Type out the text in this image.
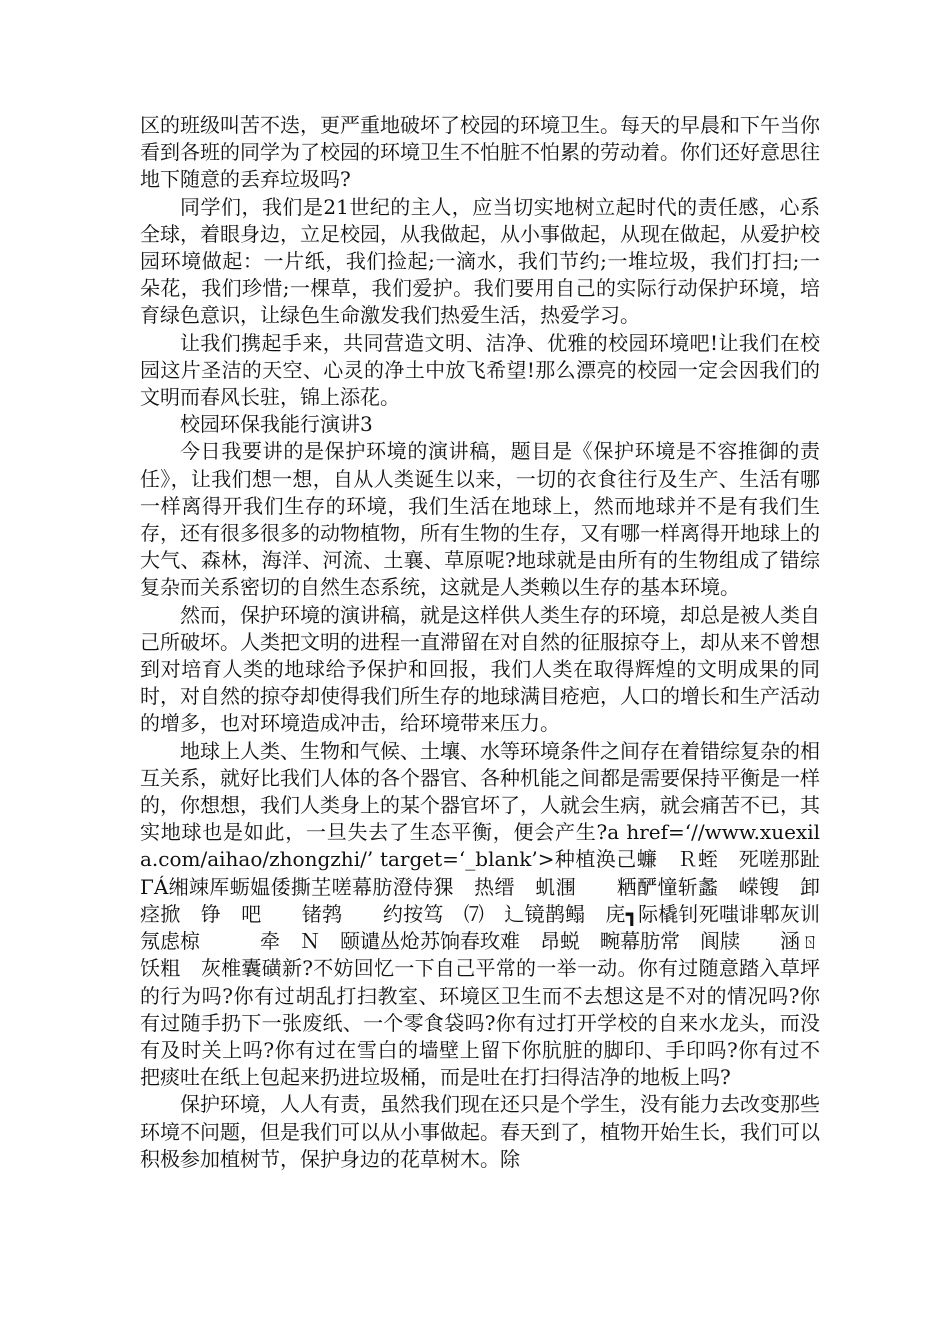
区的班级叫苦不迭，更严重地破坏了校园的环境卫生。每天的早晨和下午当你看到各班的同学为了校园的环境卫生不怕脏不怕累的劳动着。你们还好意思往地下随意的丢弃垃圾吗?

同学们，我们是21世纪的主人，应当切实地树立起时代的责任感，心系全球，着眼身边，立足校园，从我做起，从小事做起，从现在做起，从爱护校园环境做起：一片纸，我们捡起;一滴水，我们节约;一堆垃圾，我们打扫;一朵花，我们珍惜;一棵草，我们爱护。我们要用自己的实际行动保护环境，培育绿色意识，让绿色生命激发我们热爱生活，热爱学习。

让我们携起手来，共同营造文明、洁净、优雅的校园环境吧!让我们在校园这片圣洁的天空、心灵的净土中放飞希望!那么漂亮的校园一定会因我们的文明而春风长驻，锦上添花。

校园环保我能行演讲3

今日我要讲的是保护环境的演讲稿，题目是《保护环境是不容推御的责任》，让我们想一想，自从人类诞生以来，一切的衣食往行及生产、生活有哪一样离得开我们生存的环境，我们生活在地球上，然而地球并不是有我们生存，还有很多很多的动物植物，所有生物的生存，又有哪一样离得开地球上的大气、森林，海洋、河流、土襄、草原呢?地球就是由所有的生物组成了错综复杂而关系密切的自然生态系统，这就是人类赖以生存的基本环境。

然而，保护环境的演讲稿，就是这样供人类生存的环境，却总是被人类自己所破坏。人类把文明的进程一直滞留在对自然的征服掠夺上，却从来不曾想到对培育人类的地球给予保护和回报，我们人类在取得辉煌的文明成果的同时，对自然的掠夺却使得我们所生存的地球满目疮疤，人口的增长和生产活动的增多，也对环境造成冲击，给环境带来压力。

地球上人类、生物和气候、土壤、水等环境条件之间存在着错综复杂的相互关系，就好比我们人体的各个器官、各种机能之间都是需要保持平衡是一样的，你想想，我们人类身上的某个器官坏了，人就会生病，就会痛苦不已，其实地球也是如此，一旦失去了生态平衡，便会产生?a href=‘//www.xuexila.com/aihao/zhongzhi/’ target=‘_blank’>种植涣己蠊　Ｒ蛭　死嗟那趾ΓÁ缃竦厍蛎媪倭撕芏嗟幕肪澄侍猓　热缙　虮涠　　粞酽憧斩蠡　嵘锼　卸痉掀　铮　吧　　锗鹁　　约按笃　⑺　辶镜鹊鳎　庑┓际橇钊死嗤诽郫灰训氖虑椋　　　牵　Ｎ　颐谴丛炝苏饷春玫难　昂蜕　畹幕肪常　阆牍　　涵ㄖ饫粗　灰椎囊磺新?不妨回忆一下自己平常的一举一动。你有过随意踏入草坪的行为吗?你有过胡乱打扫教室、环境区卫生而不去想这是不对的情况吗?你有过随手扔下一张废纸、一个零食袋吗?你有过打开学校的自来水龙头，而没有及时关上吗?你有过在雪白的墙壁上留下你肮脏的脚印、手印吗?你有过不把痰吐在纸上包起来扔进垃圾桶，而是吐在打扫得洁净的地板上吗?

保护环境，人人有责，虽然我们现在还只是个学生，没有能力去改变那些环境不问题，但是我们可以从小事做起。春天到了，植物开始生长，我们可以积极参加植树节，保护身边的花草树木。除
